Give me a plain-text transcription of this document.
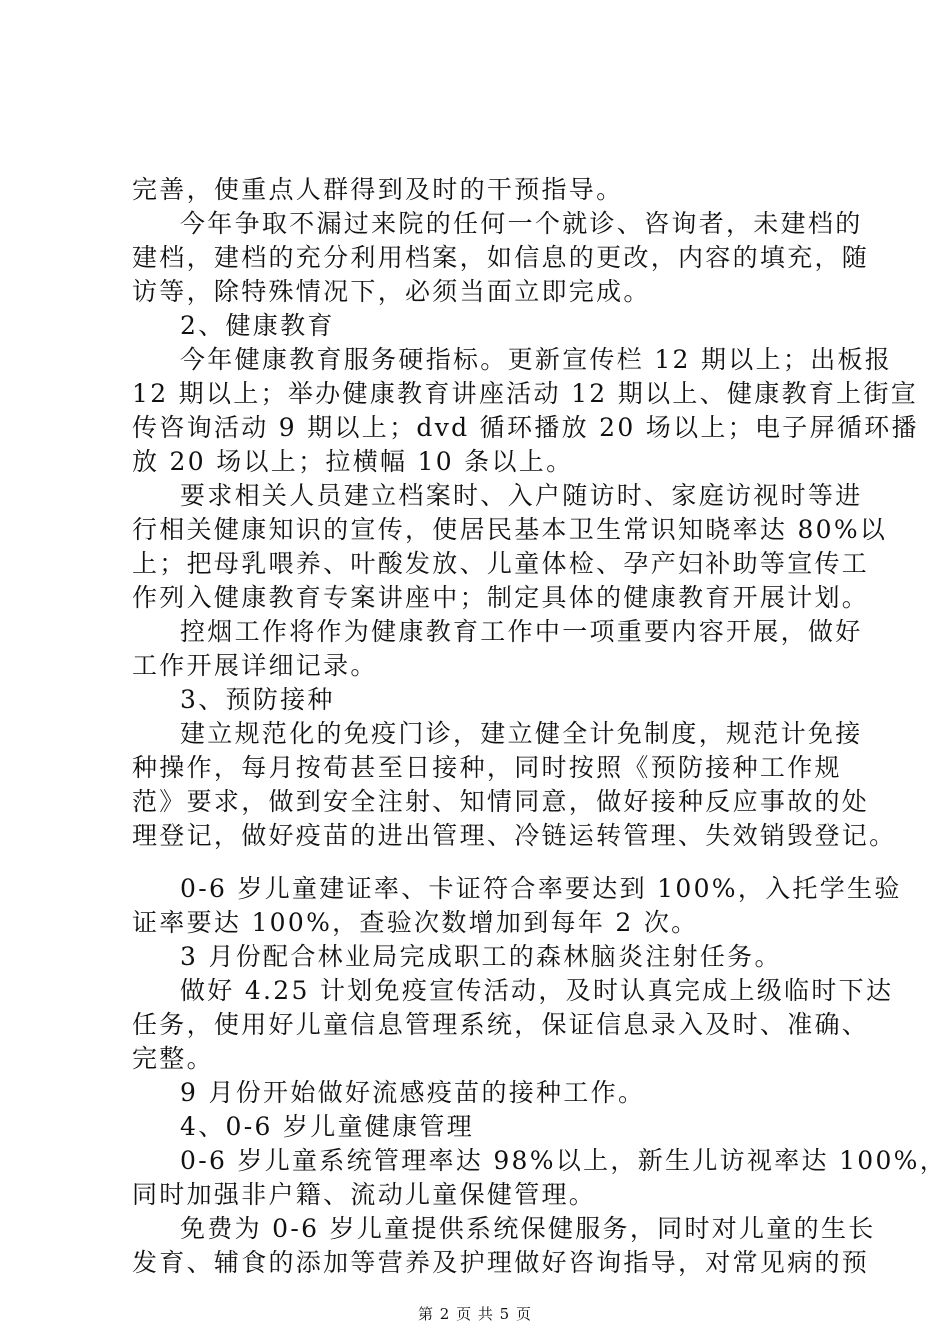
完善，使重点人群得到及时的干预指导。
今年争取不漏过来院的任何一个就诊、咨询者，未建档的
建档，建档的充分利用档案，如信息的更改，内容的填充，随
访等，除特殊情况下，必须当面立即完成。
2、健康教育
今年健康教育服务硬指标。更新宣传栏 12 期以上；出板报
12 期以上；举办健康教育讲座活动 12 期以上、健康教育上街宣
传咨询活动 9 期以上；dvd 循环播放 20 场以上；电子屏循环播
放 20 场以上；拉横幅 10 条以上。
要求相关人员建立档案时、入户随访时、家庭访视时等进
行相关健康知识的宣传，使居民基本卫生常识知晓率达 80%以
上；把母乳喂养、叶酸发放、儿童体检、孕产妇补助等宣传工
作列入健康教育专案讲座中；制定具体的健康教育开展计划。
控烟工作将作为健康教育工作中一项重要内容开展，做好
工作开展详细记录。
3、预防接种
建立规范化的免疫门诊，建立健全计免制度，规范计免接
种操作，每月按荀甚至日接种，同时按照《预防接种工作规
范》要求，做到安全注射、知情同意，做好接种反应事故的处
理登记，做好疫苗的进出管理、冷链运转管理、失效销毁登记。
0-6 岁儿童建证率、卡证符合率要达到 100%，入托学生验
证率要达 100%，查验次数增加到每年 2 次。
3 月份配合林业局完成职工的森林脑炎注射任务。
做好 4.25 计划免疫宣传活动，及时认真完成上级临时下达
任务，使用好儿童信息管理系统，保证信息录入及时、准确、
完整。
9 月份开始做好流感疫苗的接种工作。
4、0-6 岁儿童健康管理
0-6 岁儿童系统管理率达 98%以上，新生儿访视率达 100%，
同时加强非户籍、流动儿童保健管理。
免费为 0-6 岁儿童提供系统保健服务，同时对儿童的生长
发育、辅食的添加等营养及护理做好咨询指导，对常见病的预
第 2 页 共 5 页
